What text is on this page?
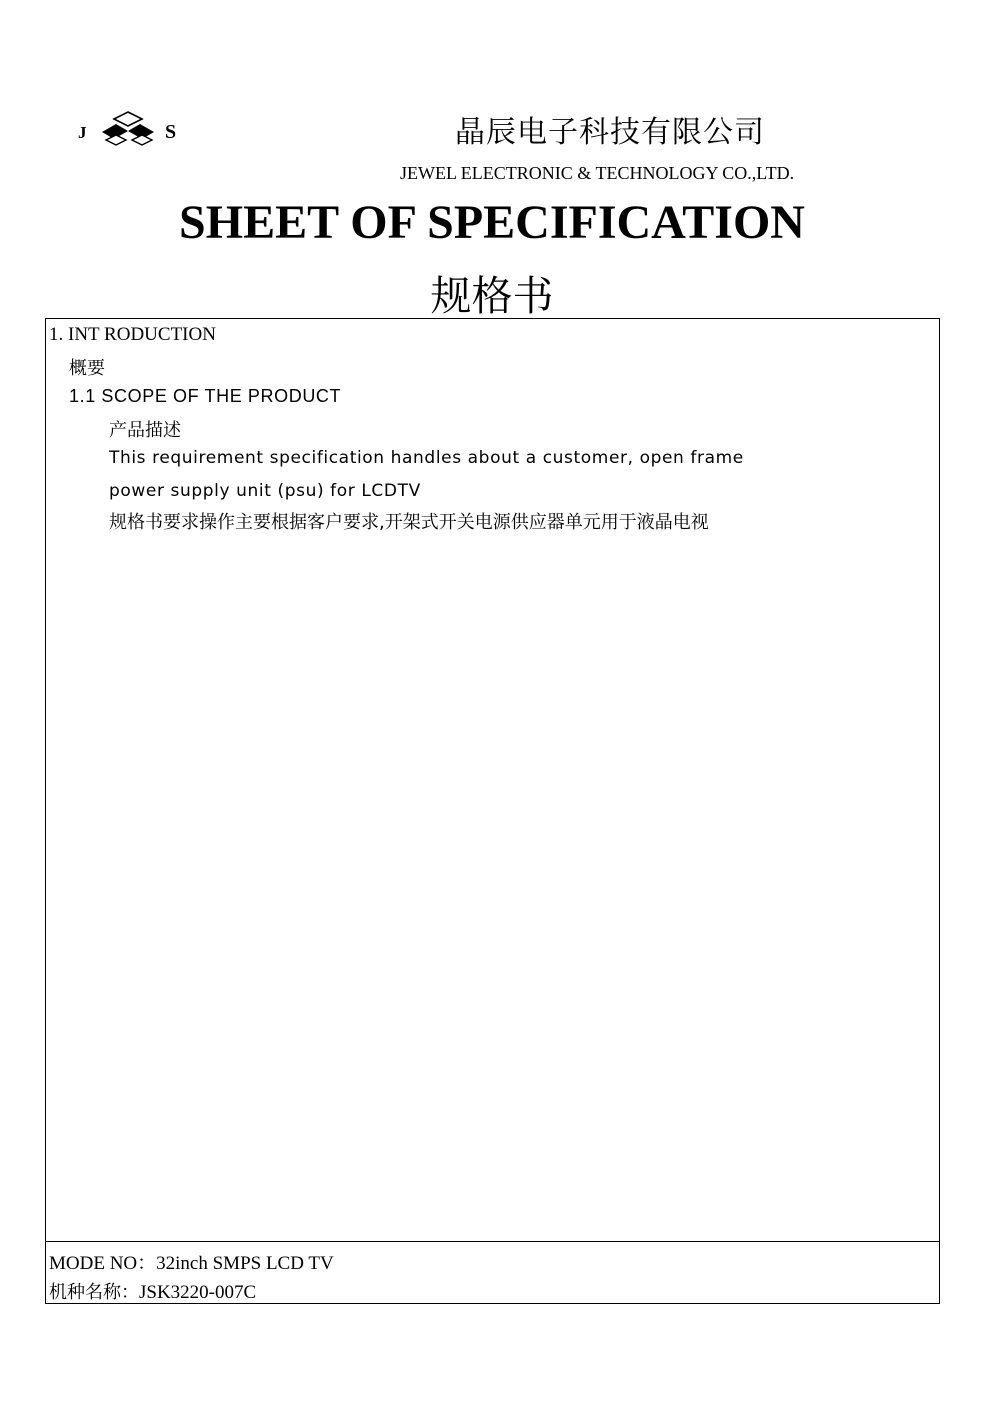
J	S	晶辰电子科技有限公司
JEWEL ELECTRONIC & TECHNOLOGY CO.,LTD.
SHEET OF SPECIFICATION
规格书
1. INT RODUCTION
概要
1.1 SCOPE OF THE PRODUCT
产品描述
This requirement specification handles about a customer, open frame
power supply unit (psu) for LCDTV
规格书要求操作主要根据客户要求,开架式开关电源供应器单元用于液晶电视
MODE NO：32inch SMPS LCD TV
机种名称：JSK3220-007C
